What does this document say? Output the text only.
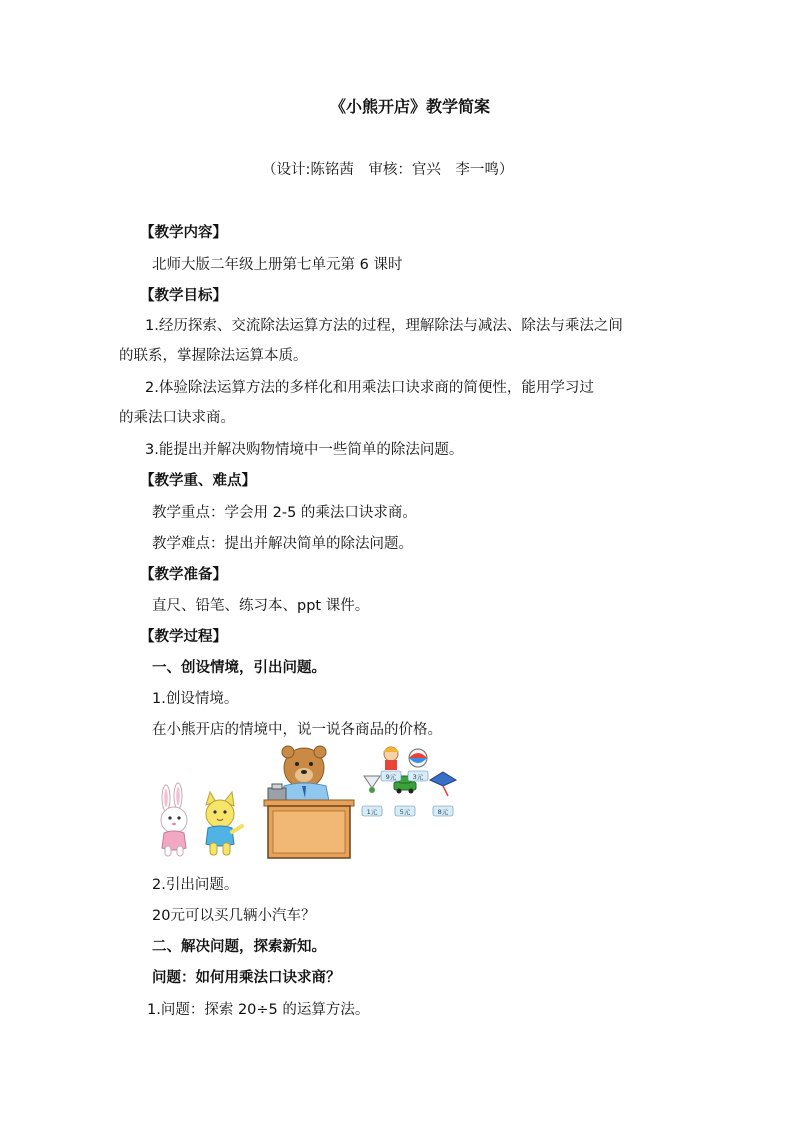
《小熊开店》教学简案
（设计:陈铭茜　审核：官兴　李一鸣）
【教学内容】
北师大版二年级上册第七单元第 6 课时
【教学目标】
1.经历探索、交流除法运算方法的过程，理解除法与减法、除法与乘法之间
的联系，掌握除法运算本质。
2.体验除法运算方法的多样化和用乘法口诀求商的简便性，能用学习过
的乘法口诀求商。
3.能提出并解决购物情境中一些简单的除法问题。
【教学重、难点】
教学重点：学会用 2-5 的乘法口诀求商。
教学难点：提出并解决简单的除法问题。
【教学准备】
直尺、铅笔、练习本、ppt 课件。
【教学过程】
一、创设情境，引出问题。
1.创设情境。
在小熊开店的情境中，说一说各商品的价格。
9元	3元
1元	5元	8元
2.引出问题。
20元可以买几辆小汽车？
二、解决问题，探索新知。
问题：如何用乘法口诀求商？
1.问题：探索 20÷5 的运算方法。
